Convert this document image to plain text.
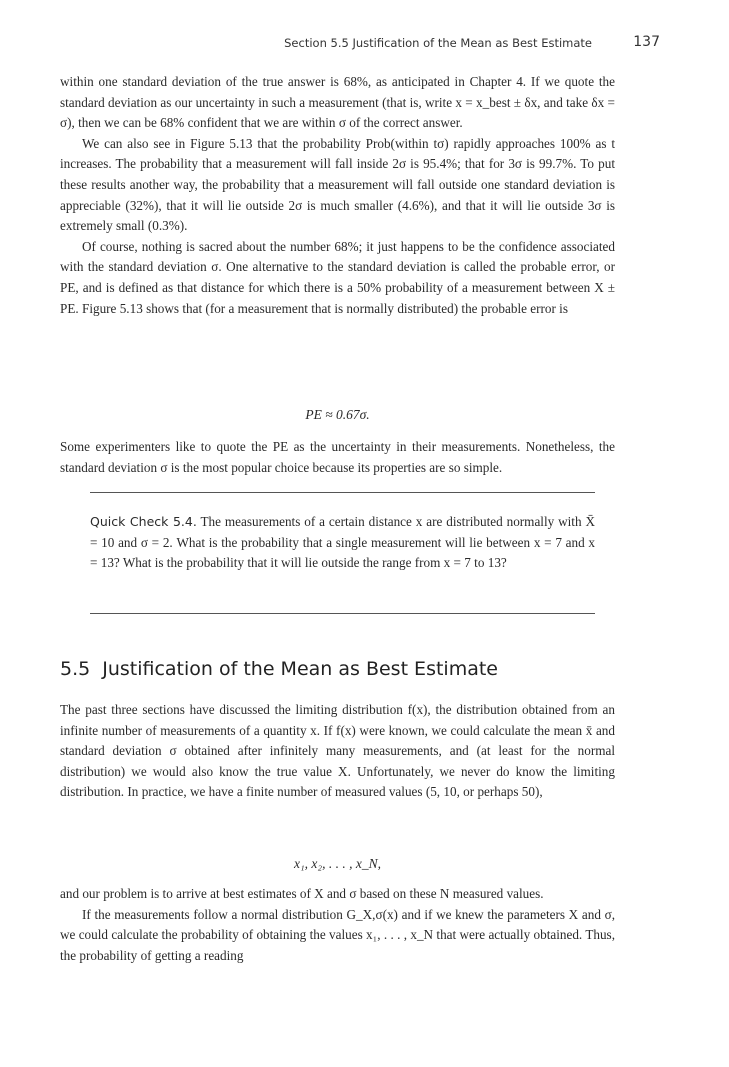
Section 5.5 Justification of the Mean as Best Estimate	137

within one standard deviation of the true answer is 68%, as anticipated in Chapter 4. If we quote the standard deviation as our uncertainty in such a measurement (that is, write x = x_best ± δx, and take δx = σ), then we can be 68% confident that we are within σ of the correct answer.

We can also see in Figure 5.13 that the probability Prob(within tσ) rapidly approaches 100% as t increases. The probability that a measurement will fall inside 2σ is 95.4%; that for 3σ is 99.7%. To put these results another way, the probability that a measurement will fall outside one standard deviation is appreciable (32%), that it will lie outside 2σ is much smaller (4.6%), and that it will lie outside 3σ is extremely small (0.3%).

Of course, nothing is sacred about the number 68%; it just happens to be the confidence associated with the standard deviation σ. One alternative to the standard deviation is called the probable error, or PE, and is defined as that distance for which there is a 50% probability of a measurement between X ± PE. Figure 5.13 shows that (for a measurement that is normally distributed) the probable error is

PE ≈ 0.67σ.

Some experimenters like to quote the PE as the uncertainty in their measurements. Nonetheless, the standard deviation σ is the most popular choice because its properties are so simple.

Quick Check 5.4. The measurements of a certain distance x are distributed normally with X̄ = 10 and σ = 2. What is the probability that a single measurement will lie between x = 7 and x = 13? What is the probability that it will lie outside the range from x = 7 to 13?
5.5 Justification of the Mean as Best Estimate

The past three sections have discussed the limiting distribution f(x), the distribution obtained from an infinite number of measurements of a quantity x. If f(x) were known, we could calculate the mean x̄ and standard deviation σ obtained after infinitely many measurements, and (at least for the normal distribution) we would also know the true value X. Unfortunately, we never do know the limiting distribution. In practice, we have a finite number of measured values (5, 10, or perhaps 50),

x₁, x₂, . . . , x_N,

and our problem is to arrive at best estimates of X and σ based on these N measured values.

If the measurements follow a normal distribution G_X,σ(x) and if we knew the parameters X and σ, we could calculate the probability of obtaining the values x₁, . . . , x_N that were actually obtained. Thus, the probability of getting a reading
